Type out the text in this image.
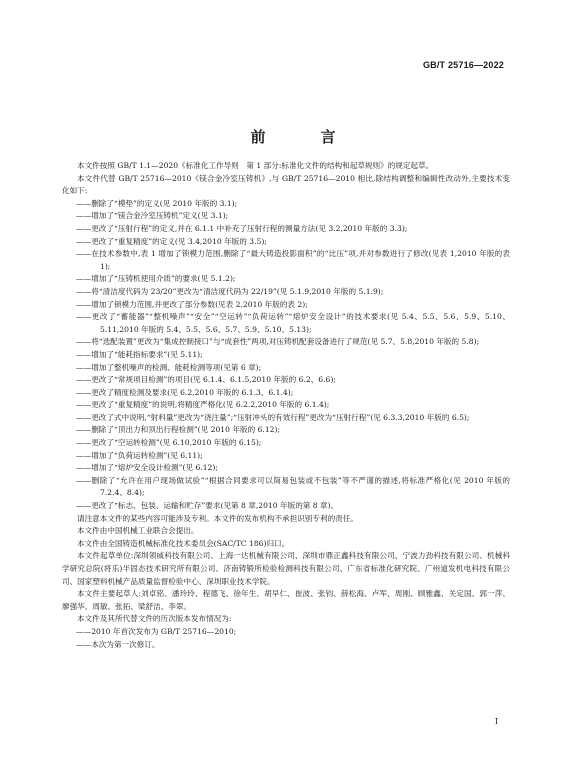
GB/T 25716—2022
前　言

本文件按照 GB/T 1.1—2020《标准化工作导则　第 1 部分:标准化文件的结构和起草规则》的规定起草。

本文件代替 GB/T 25716—2010《镁合金冷室压铸机》,与 GB/T 25716—2010 相比,除结构调整和编辑性改动外,主要技术变化如下:

——删除了“模垫”的定义(见 2010 年版的 3.1);

——增加了“镁合金冷室压铸机”定义(见 3.1);

——更改了“压射行程”的定义,并在 6.1.1 中补充了压射行程的测量方法(见 3.2,2010 年版的 3.3);

——更改了“重复精度”的定义(见 3.4,2010 年版的 3.5);

——在技术参数中,表 1 增加了锁模力范围,删除了“最大铸造投影面积”的“比压”项,并对参数进行了修改(见表 1,2010 年版的表 1);

——增加了“压铸机使用介质”的要求(见 5.1.2);

——将“清洁度代码为 23/20”更改为“清洁度代码为 22/19”(见 5.1.9,2010 年版的 5.1.9);

——增加了锁模力范围,并更改了部分参数(见表 2,2010 年版的表 2);

——更改了“蓄能器”“整机噪声”“安全”“空运转”“负荷运转”“熔炉安全设计”的技术要求(见 5.4、5.5、5.6、5.9、5.10、5.11,2010 年版的 5.4、5.5、5.6、5.7、5.9、5.10、5.13);

——将“选配装置”更改为“集成控制接口”与“成套性”两项,对压铸机配套设备进行了规范(见 5.7、5.8,2010 年版的 5.8);

——增加了“能耗指标要求”(见 5.11);

——增加了整机噪声的检测、能耗检测等项(见第 6 章);

——更改了“常规项目检测”的项目(见 6.1.4、6.1.5,2010 年版的 6.2、6.6);

——更改了精度检测及要求(见 6.2,2010 年版的 6.1.3、6.1.4);

——更改了“重复精度”的说明,将精度严格化(见 6.2.2,2010 年版的 6.1.4);

——更改了式中说明,“射料量”更改为“浇注量”;“压射冲头的有效行程”更改为“压射行程”(见 6.3.3,2010 年版的 6.5);

——删除了“顶出力和顶出行程检测”(见 2010 年版的 6.12);

——更改了“空运转检测”(见 6.10,2010 年版的 6.15);

——增加了“负荷运转检测”(见 6.11);

——增加了“熔炉安全设计检测”(见 6.12);

——删除了“允许在用户现场做试验”“根据合同要求可以简易包装或不包装”等不严谨的描述,将标准严格化(见 2010 年版的 7.2.4、8.4);

——更改了“标志、包装、运输和贮存”要求(见第 8 章,2010 年版的第 8 章)。

请注意本文件的某些内容可能涉及专利。本文件的发布机构不承担识别专利的责任。

本文件由中国机械工业联合会提出。

本文件由全国铸造机械标准化技术委员会(SAC/TC 186)归口。

本文件起草单位:深圳领威科技有限公司、上海一达机械有限公司、深圳市鼎正鑫科技有限公司、宁波力劲科技有限公司、机械科学研究总院(将乐)半固态技术研究所有限公司、济南铸锻所检验检测科技有限公司、广东省标准化研究院、广州道发机电科技有限公司、国家塑料机械产品质量监督检验中心、深圳职业技术学院。

本文件主要起草人:刘卓铭、潘玲玲、程德飞、徐年生、胡早仁、崔波、张钧、薛松海、卢军、周刚、顾雅鑫、关定国、郭一萍、廖强华、周敏、张拓、梁舒洁、李翠。

本文件及其所代替文件的历次版本发布情况为:

——2010 年首次发布为 GB/T 25716—2010;

——本次为第一次修订。

I
